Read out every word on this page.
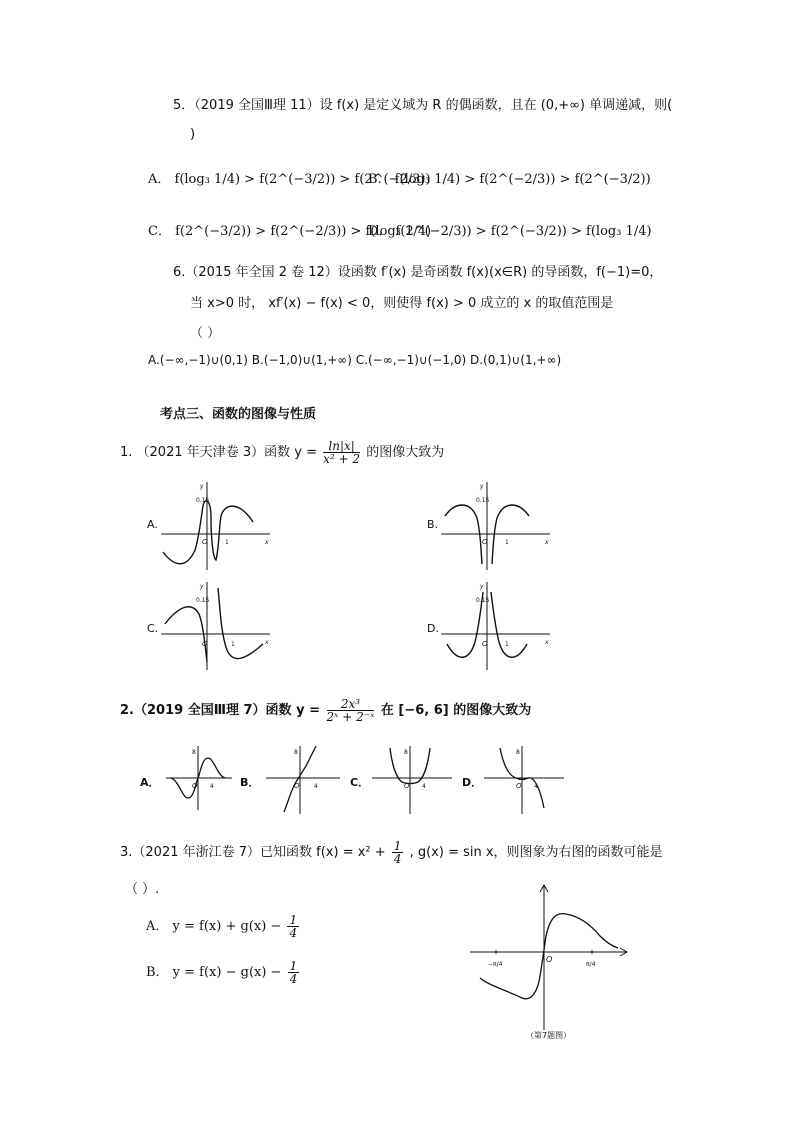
5．（2019 全国Ⅲ理 11）设 f(x) 是定义域为 R 的偶函数，且在 (0,+∞) 单调递减，则(
)
A． f(log₃ 1/4) > f(2^(−3/2)) > f(2^(−2/3))
B． f(log₃ 1/4) > f(2^(−2/3)) > f(2^(−3/2))
C． f(2^(−3/2)) > f(2^(−2/3)) > f(log₃ 1/4)
D． f(2^(−2/3)) > f(2^(−3/2)) > f(log₃ 1/4)
6.（2015 年全国 2 卷 12）设函数 f′(x) 是奇函数 f(x)(x∈R) 的导函数，f(−1)=0，
当 x>0 时， xf′(x) − f(x) < 0，则使得 f(x) > 0 成立的 x 的取值范围是
（ ）
A.(−∞,−1)∪(0,1) B.(−1,0)∪(1,+∞) C.(−∞,−1)∪(−1,0) D.(0,1)∪(1,+∞)
考点三、函数的图像与性质
1. （2021 年天津卷 3）函数 $y = \frac{\ln|x|}{\text{x² + 2}}$ 的图像大致为
A.
x
y
0.15
O	1
B.
x
y
0.15
O	1
C.
x
y
0.15
O	1
D.
x
y
0.15
O	1
2.（2019 全国Ⅲ理 7）函数 $y = \frac{\text{2x³}}{\text{2ˣ + 2⁻ˣ}}$ 在 [−6, 6] 的图像大致为
A．
8
O 4 B．
8
O 4	C．
8
O 4	D．
8
O 4
3.（2021 年浙江卷 7）已知函数 $f(x) = x^2 + \frac{1}{4}$ , g(x) = sin x，则图象为右图的函数可能是
（ ）.
A． $y = f(x) + g(x) - \frac{1}{4}$
B． $y = f(x) - g(x) - \frac{1}{4}$	−π/4	π/4
O
（第7题图）
